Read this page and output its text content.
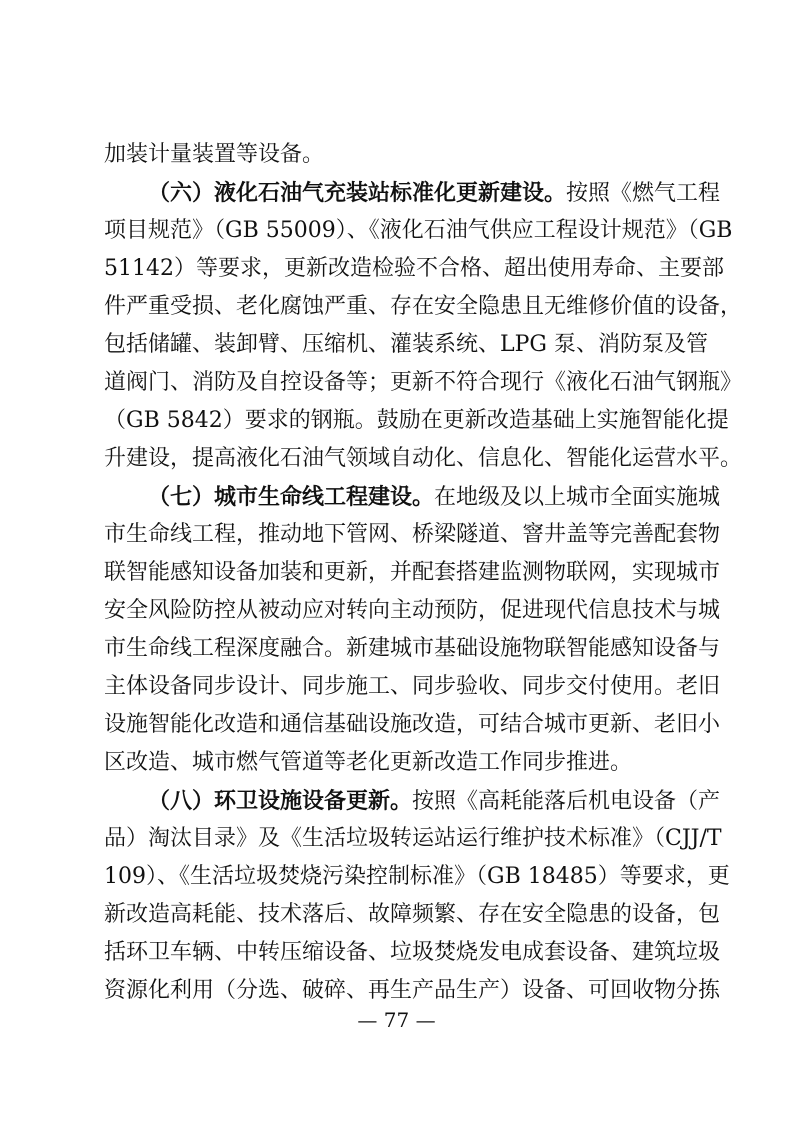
加装计量装置等设备。
（六）液化石油气充装站标准化更新建设。按照《燃气工程
项目规范》（GB 55009）、《液化石油气供应工程设计规范》（GB
51142）等要求，更新改造检验不合格、超出使用寿命、主要部
件严重受损、老化腐蚀严重、存在安全隐患且无维修价值的设备，
包括储罐、装卸臂、压缩机、灌装系统、LPG 泵、消防泵及管
道阀门、消防及自控设备等；更新不符合现行《液化石油气钢瓶》
（GB 5842）要求的钢瓶。鼓励在更新改造基础上实施智能化提
升建设，提高液化石油气领域自动化、信息化、智能化运营水平。
（七）城市生命线工程建设。在地级及以上城市全面实施城
市生命线工程，推动地下管网、桥梁隧道、窨井盖等完善配套物
联智能感知设备加装和更新，并配套搭建监测物联网，实现城市
安全风险防控从被动应对转向主动预防，促进现代信息技术与城
市生命线工程深度融合。新建城市基础设施物联智能感知设备与
主体设备同步设计、同步施工、同步验收、同步交付使用。老旧
设施智能化改造和通信基础设施改造，可结合城市更新、老旧小
区改造、城市燃气管道等老化更新改造工作同步推进。
（八）环卫设施设备更新。按照《高耗能落后机电设备（产
品）淘汰目录》及《生活垃圾转运站运行维护技术标准》（CJJ/T
109）、《生活垃圾焚烧污染控制标准》（GB 18485）等要求，更
新改造高耗能、技术落后、故障频繁、存在安全隐患的设备，包
括环卫车辆、中转压缩设备、垃圾焚烧发电成套设备、建筑垃圾
资源化利用（分选、破碎、再生产品生产）设备、可回收物分拣
— 77 —
